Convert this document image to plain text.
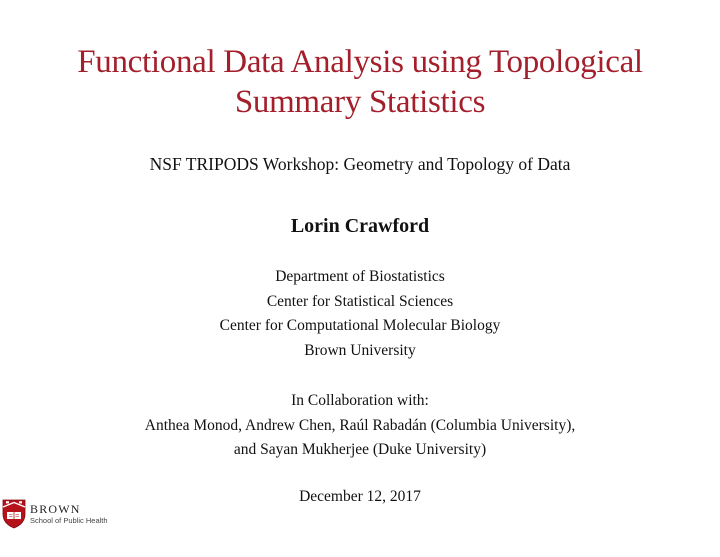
Functional Data Analysis using Topological
Summary Statistics
NSF TRIPODS Workshop: Geometry and Topology of Data
Lorin Crawford
Department of Biostatistics
Center for Statistical Sciences
Center for Computational Molecular Biology
Brown University
In Collaboration with:
Anthea Monod, Andrew Chen, Raúl Rabadán (Columbia University),
and Sayan Mukherjee (Duke University)
December 12, 2017
BROWN
School of Public Health
